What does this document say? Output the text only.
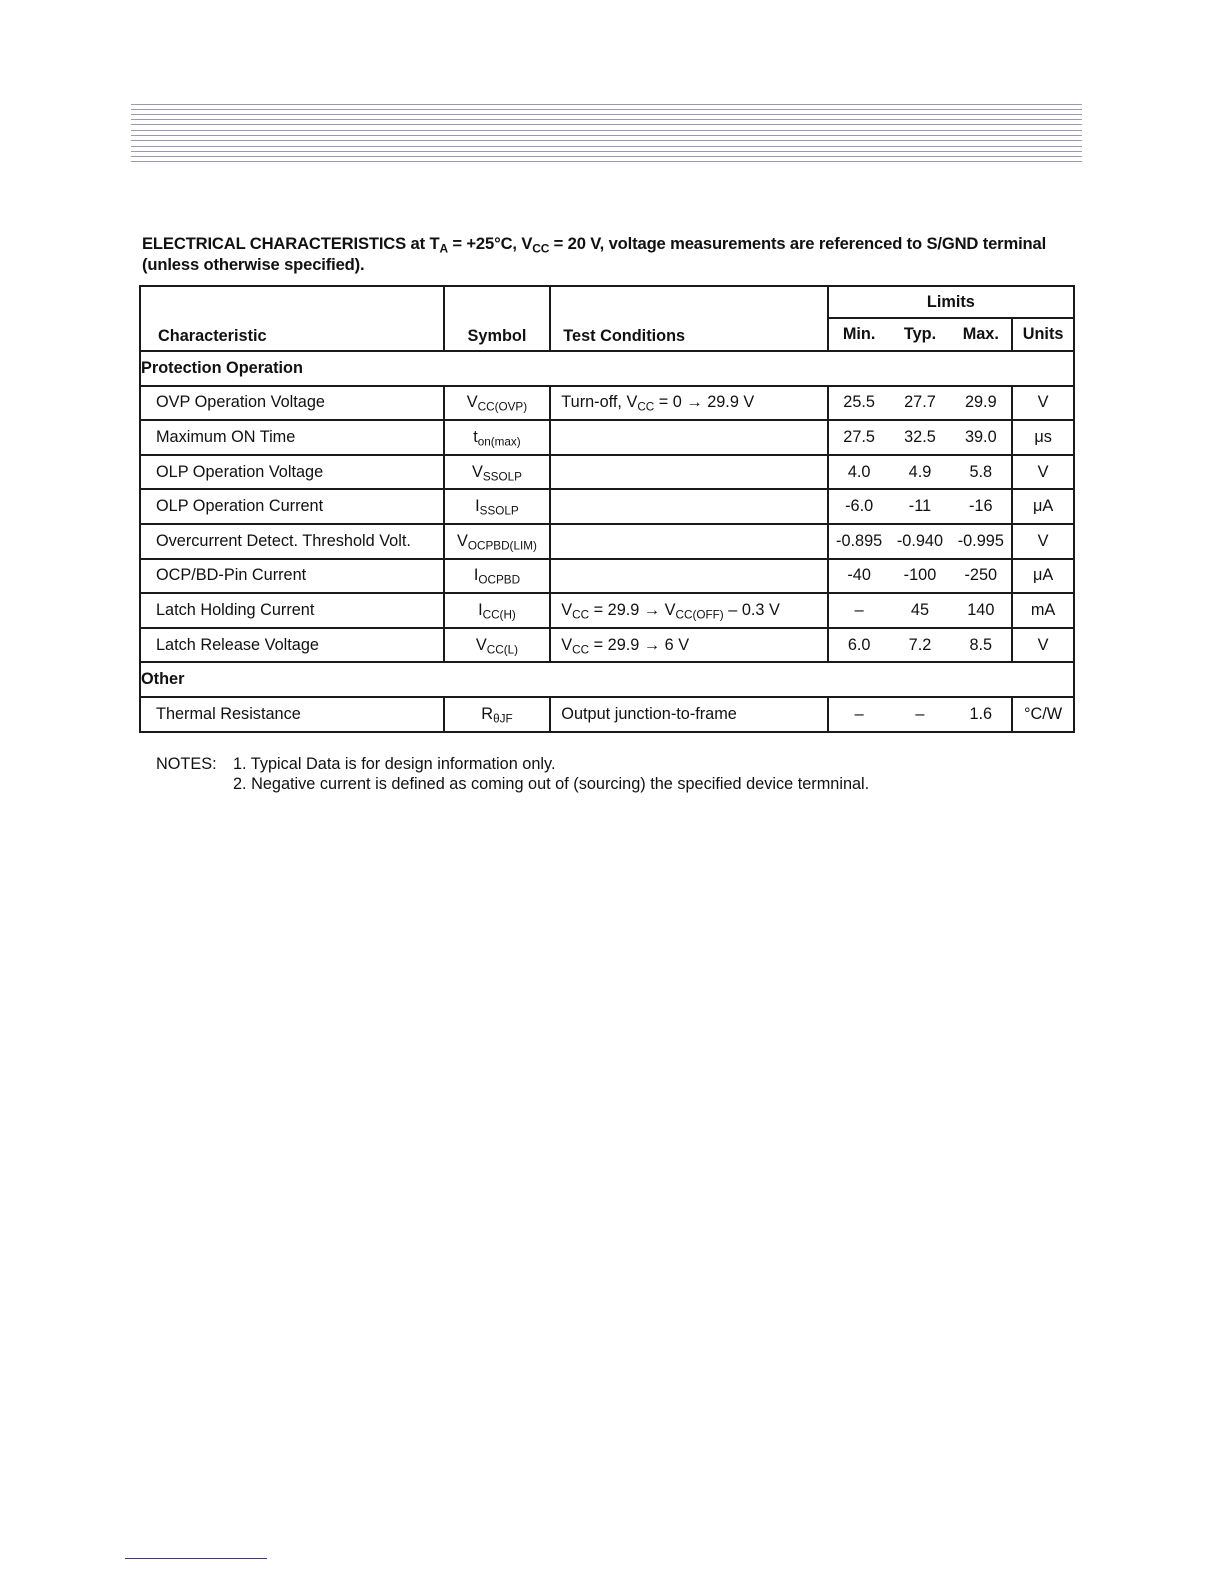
ELECTRICAL CHARACTERISTICS at $T_A = +25^\circ C$, $V_{CC} = 20$ V, voltage measurements are referenced to S/GND terminal
(unless otherwise specified).
Characteristic	Symbol	Test Conditions	Limits	

			Min. Typ. Max.	Units
Protection Operation				
OVP Operation Voltage	$V_{CC(OVP)}$	Turn-off, $V_{CC} = 0 \to 29.9$ V	25.5 27.7 29.9	V
Maximum ON Time	$t_{on(max)}$		27.5 32.5 39.0	μs
OLP Operation Voltage	$V_{SSOLP}$		4.0 4.9 5.8	V
OLP Operation Current	$I_{SSOLP}$		-6.0 -11 -16	μA
Overcurrent Detect. Threshold Volt.	$V_{OCPBD(LIM)}$		-0.895 -0.940 -0.995	V
OCP/BD-Pin Current	$I_{OCPBD}$		-40 -100 -250	μA
Latch Holding Current	$I_{CC(H)}$	$V_{CC} = 29.9 \to V_{CC(OFF)} - 0.3$ V	– 45 140	mA
Latch Release Voltage	$V_{CC(L)}$	$V_{CC} = 29.9 \to 6$ V	6.0 7.2 8.5	V
Other				
Thermal Resistance	$R_{\theta JF}$	Output junction-to-frame	– – 1.6	°C/W
NOTES:	1. Typical Data is for design information only.
2. Negative current is defined as coming out of (sourcing) the specified device termninal.
